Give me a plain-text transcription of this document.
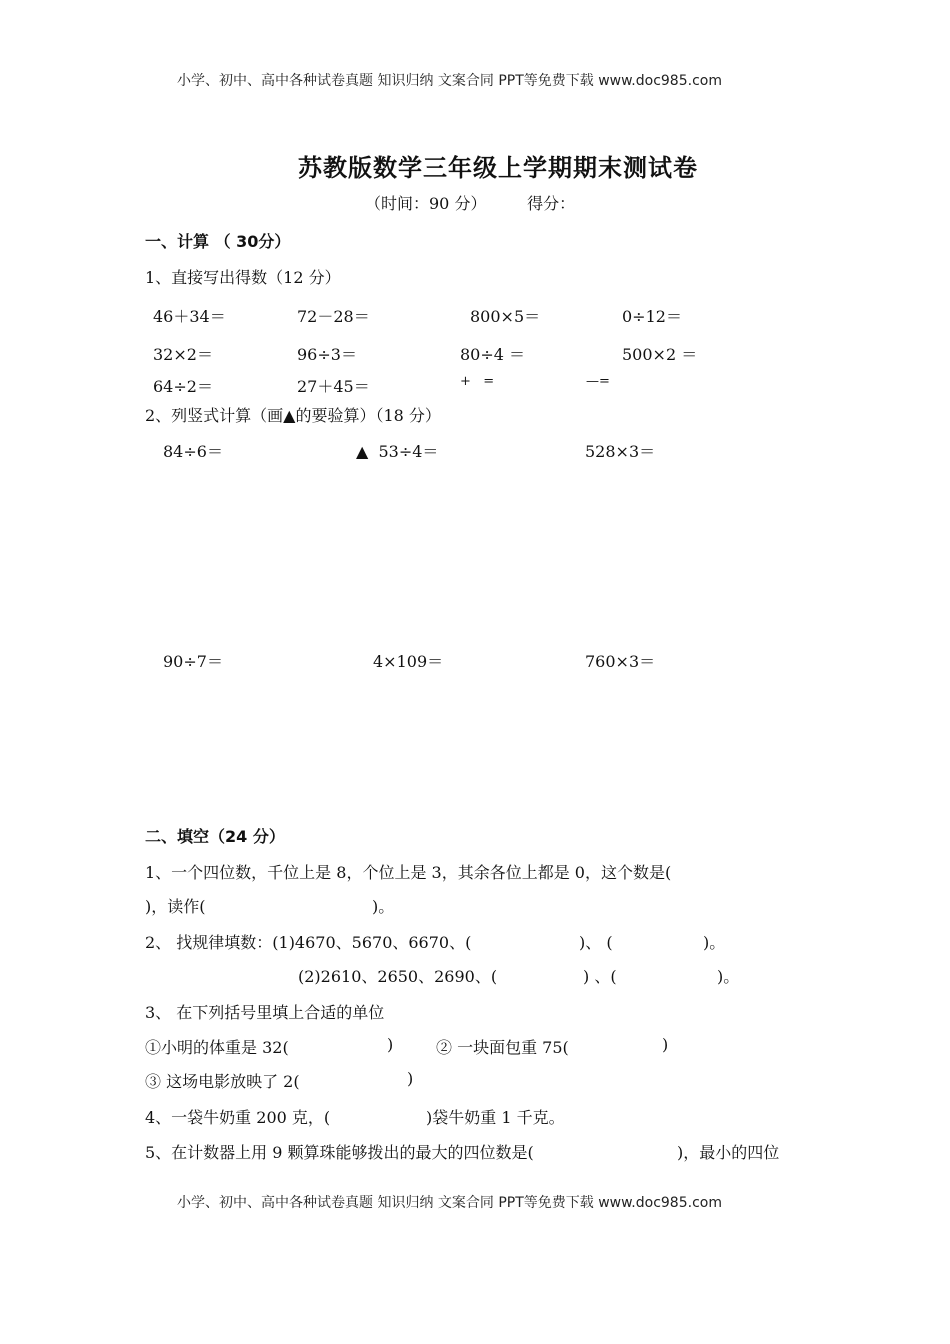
小学、初中、高中各种试卷真题 知识归纳 文案合同 PPT等免费下载 www.doc985.com
苏教版数学三年级上学期期末测试卷
（时间：90 分）        得分：
一、计算 （ 30分）
1、直接写出得数（12 分）
46＋34＝	72－28＝	800×5＝	0÷12＝
32×2＝	96÷3＝	80÷4 ＝	500×2 ＝
64÷2＝	27＋45＝	+   =	—=
2、列竖式计算（画▲的要验算）（18 分）
84÷6＝	▲  53÷4＝	528×3＝
90÷7＝	4×109＝	760×3＝
二、填空（24 分）
1、一个四位数，千位上是 8，个位上是 3，其余各位上都是 0，这个数是(
)，读作(	)。
2、 找规律填数：(1)4670、5670、6670、(	)、 (	)。
(2)2610、2650、2690、(	) 、(	)。
3、 在下列括号里填上合适的单位
①小明的体重是 32(	)	② 一块面包重 75(	)
③ 这场电影放映了 2(	)
4、一袋牛奶重 200 克，(	)袋牛奶重 1 千克。
5、在计数器上用 9 颗算珠能够拨出的最大的四位数是(	)，最小的四位
小学、初中、高中各种试卷真题 知识归纳 文案合同 PPT等免费下载 www.doc985.com
